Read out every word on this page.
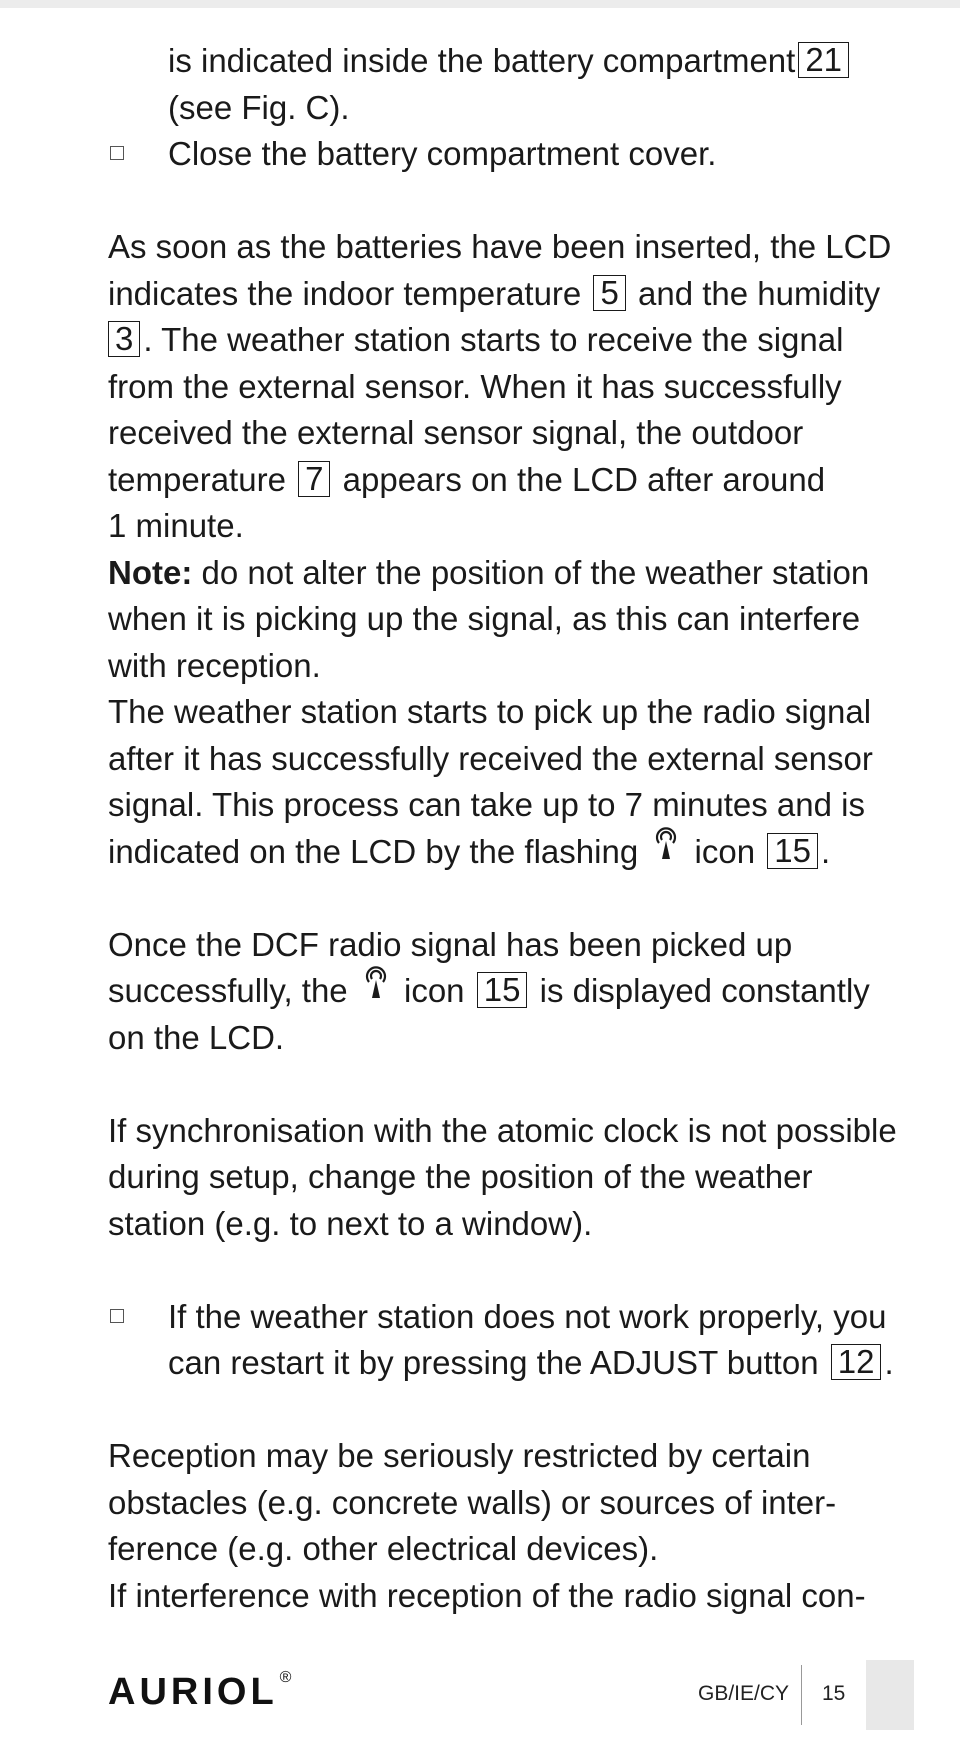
is indicated inside the battery compartment 21
(see Fig. C).
Close the battery compartment cover.
As soon as the batteries have been inserted, the LCD
indicates the indoor temperature 5 and the humidity
3 . The weather station starts to receive the signal
from the external sensor. When it has successfully
received the external sensor signal, the outdoor
temperature 7 appears on the LCD after around
1 minute.
Note: do not alter the position of the weather station
when it is picking up the signal, as this can interfere
with reception.
The weather station starts to pick up the radio signal
after it has successfully received the external sensor
signal. This process can take up to 7 minutes and is
indicated on the LCD by the flashing icon 15 .
Once the DCF radio signal has been picked up
successfully, the icon 15 is displayed constantly
on the LCD.
If synchronisation with the atomic clock is not possible
during setup, change the position of the weather
station (e.g. to next to a window).
If the weather station does not work properly, you
can restart it by pressing the ADJUST button 12 .
Reception may be seriously restricted by certain
obstacles (e.g. concrete walls) or sources of inter-
ference (e.g. other electrical devices).
If interference with reception of the radio signal con-
AURIOL ®
GB/IE/CY 15
